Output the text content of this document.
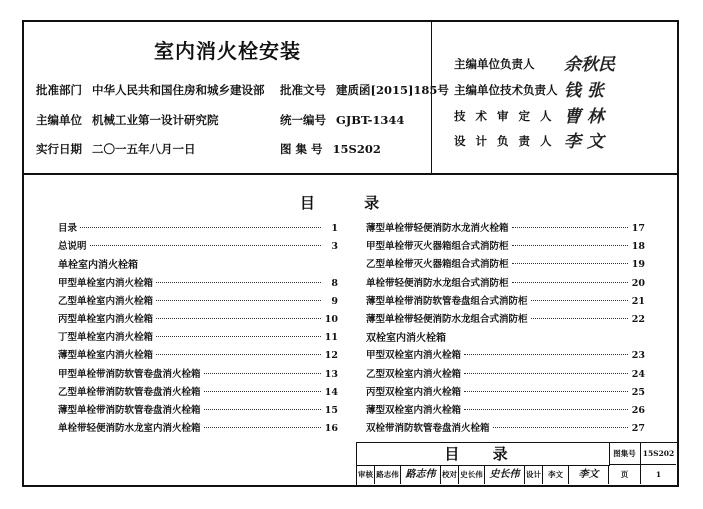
室内消火栓安装
批准部门 中华人民共和国住房和城乡建设部 批准文号 建质函[2015]185号
主编单位 机械工业第一设计研究院	统一编号 GJBT-1344
实行日期 二〇一五年八月一日	图 集 号 15S202
主编单位负责人 余秋民
主编单位技术负责人 钱 张
技 术 审 定 人 曹 林
设 计 负 责 人 李 文
目 录
目录	1
总说明	3
单栓室内消火栓箱
甲型单栓室内消火栓箱	8
乙型单栓室内消火栓箱	9
丙型单栓室内消火栓箱	10
丁型单栓室内消火栓箱	11
薄型单栓室内消火栓箱	12
甲型单栓带消防软管卷盘消火栓箱	13
乙型单栓带消防软管卷盘消火栓箱	14
薄型单栓带消防软管卷盘消火栓箱	15
单栓带轻便消防水龙室内消火栓箱	16
薄型单栓带轻便消防水龙消火栓箱	17
甲型单栓带灭火器箱组合式消防柜	18
乙型单栓带灭火器箱组合式消防柜	19
单栓带轻便消防水龙组合式消防柜	20
薄型单栓带消防软管卷盘组合式消防柜	21
薄型单栓带轻便消防水龙组合式消防柜	22
双栓室内消火栓箱
甲型双栓室内消火栓箱	23
乙型双栓室内消火栓箱	24
丙型双栓室内消火栓箱	25
薄型双栓室内消火栓箱	26
双栓带消防软管卷盘消火栓箱	27
目 录	图集号 15S202
审核 路志伟 路志伟 校对 史长伟 史长伟 设计 李文	李文	页	1
